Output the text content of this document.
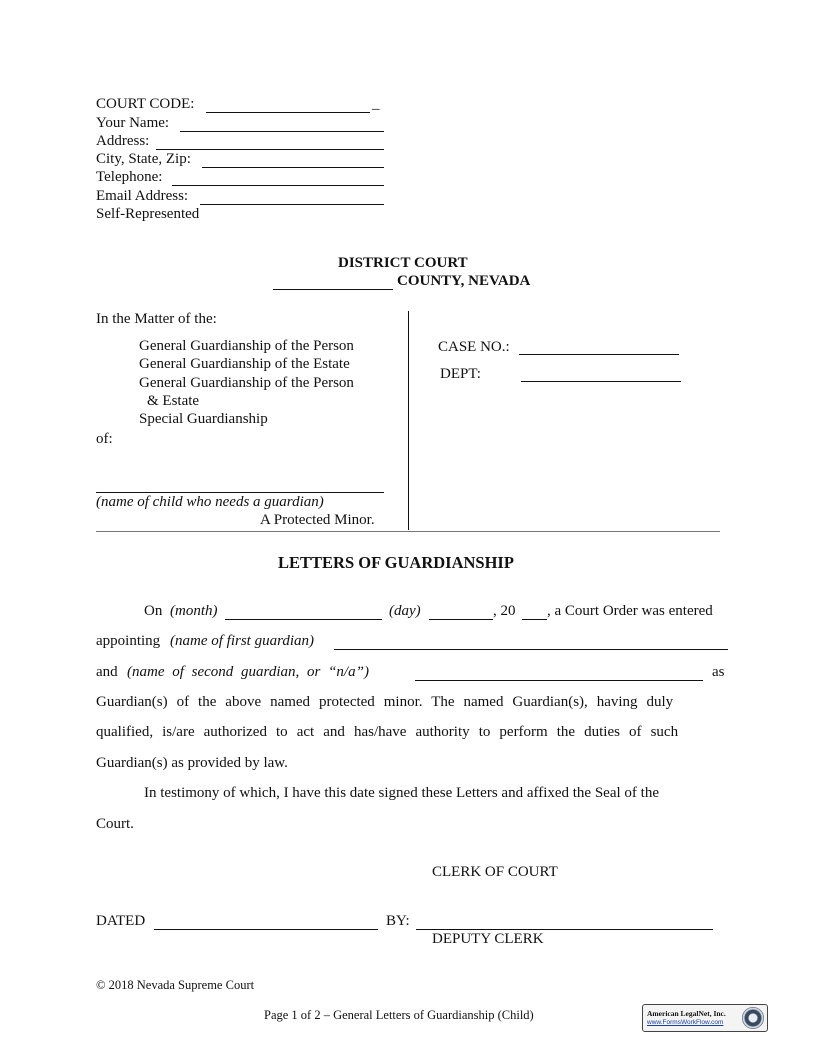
COURT CODE:	_
Your Name:
Address:
City, State, Zip:
Telephone:
Email Address:
Self-Represented
DISTRICT COURT
COUNTY, NEVADA
In the Matter of the:
General Guardianship of the Person
General Guardianship of the Estate
General Guardianship of the Person
& Estate
Special Guardianship
of:
(name of child who needs a guardian)
A Protected Minor.
CASE NO.:
DEPT:
LETTERS OF GUARDIANSHIP
On (month)	(day)	, 20 , a Court Order was entered
appointing (name of first guardian)
and (name of second guardian, or “n/a”)	as
Guardian(s) of the above named protected minor. The named Guardian(s), having duly
qualified, is/are authorized to act and has/have authority to perform the duties of such
Guardian(s) as provided by law.
In testimony of which, I have this date signed these Letters and affixed the Seal of the
Court.
CLERK OF COURT
DATED	BY:
DEPUTY CLERK
© 2018 Nevada Supreme Court
Page 1 of 2 – General Letters of Guardianship (Child)	American LegalNet, Inc.
www.FormsWorkFlow.com
